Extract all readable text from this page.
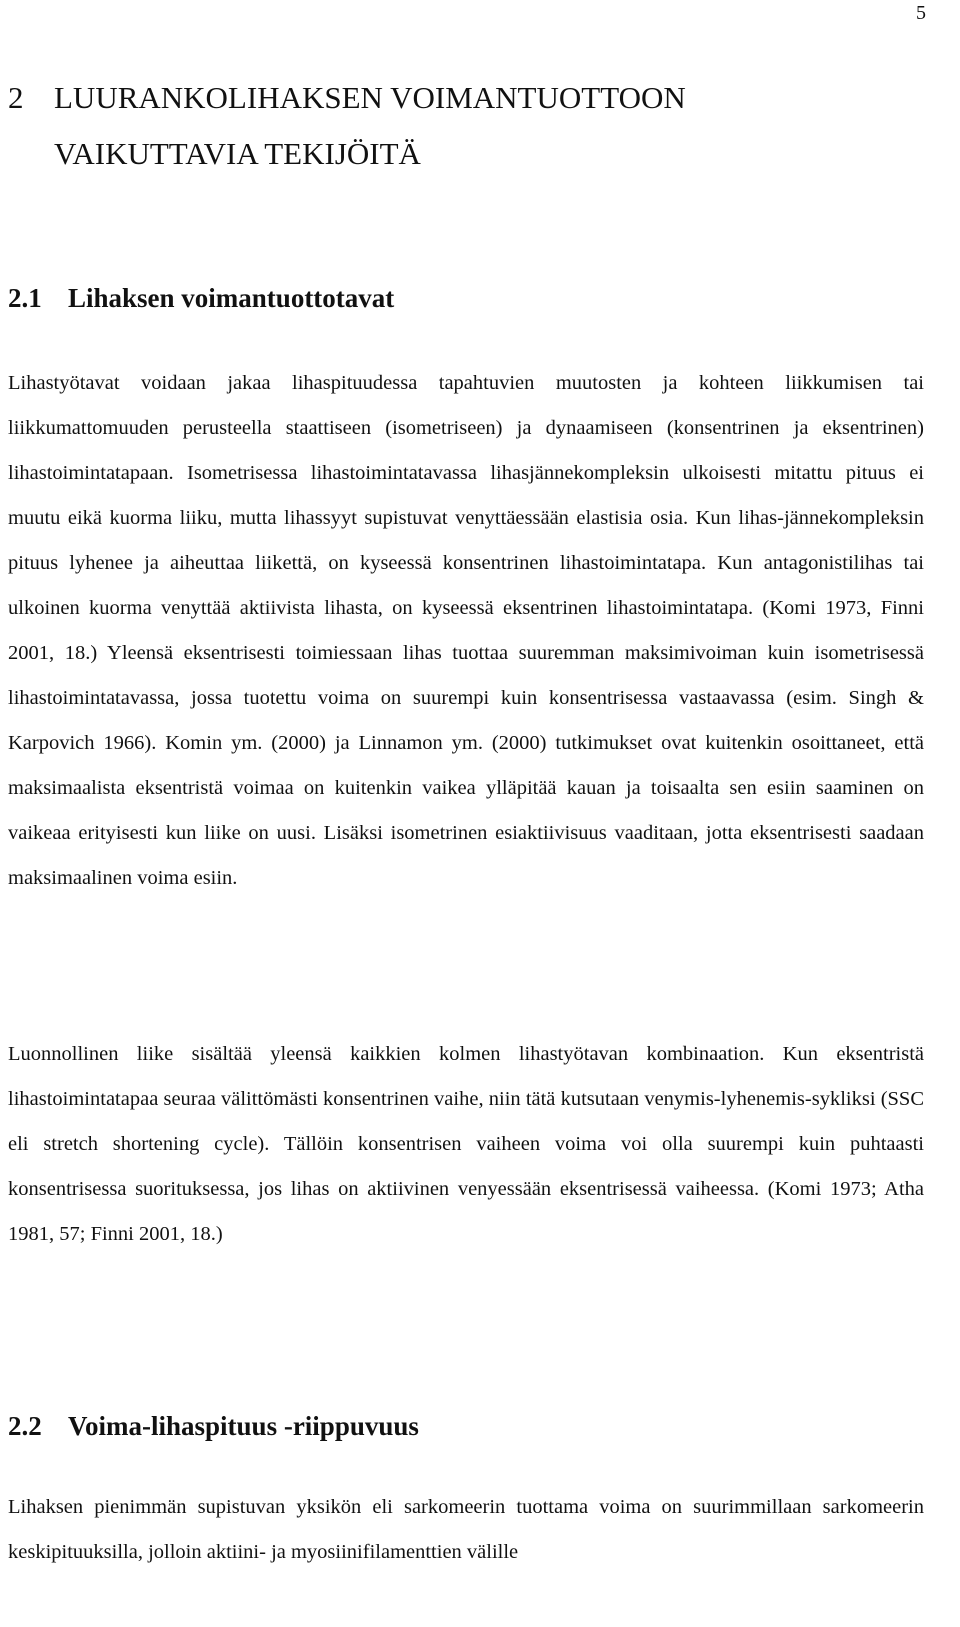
5
2 LUURANKOLIHAKSEN VOIMANTUOTTOON VAIKUTTAVIA TEKIJÖITÄ
2.1 Lihaksen voimantuottotavat

Lihastyötavat voidaan jakaa lihaspituudessa tapahtuvien muutosten ja kohteen liikkumisen tai liikkumattomuuden perusteella staattiseen (isometriseen) ja dynaamiseen (konsentrinen ja eksentrinen) lihastoimintatapaan. Isometrisessa lihastoimintatavassa lihasjännekompleksin ulkoisesti mitattu pituus ei muutu eikä kuorma liiku, mutta lihassyyt supistuvat venyttäessään elastisia osia. Kun lihas-jännekompleksin pituus lyhenee ja aiheuttaa liikettä, on kyseessä konsentrinen lihastoimintatapa. Kun antagonistilihas tai ulkoinen kuorma venyttää aktiivista lihasta, on kyseessä eksentrinen lihastoimintatapa. (Komi 1973, Finni 2001, 18.) Yleensä eksentrisesti toimiessaan lihas tuottaa suuremman maksimivoiman kuin isometrisessä lihastoimintatavassa, jossa tuotettu voima on suurempi kuin konsentrisessa vastaavassa (esim. Singh & Karpovich 1966). Komin ym. (2000) ja Linnamon ym. (2000) tutkimukset ovat kuitenkin osoittaneet, että maksimaalista eksentristä voimaa on kuitenkin vaikea ylläpitää kauan ja toisaalta sen esiin saaminen on vaikeaa erityisesti kun liike on uusi. Lisäksi isometrinen esiaktiivisuus vaaditaan, jotta eksentrisesti saadaan maksimaalinen voima esiin.

Luonnollinen liike sisältää yleensä kaikkien kolmen lihastyötavan kombinaation. Kun eksentristä lihastoimintatapaa seuraa välittömästi konsentrinen vaihe, niin tätä kutsutaan venymis-lyhenemis-sykliksi (SSC eli stretch shortening cycle). Tällöin konsentrisen vaiheen voima voi olla suurempi kuin puhtaasti konsentrisessa suorituksessa, jos lihas on aktiivinen venyessään eksentrisessä vaiheessa. (Komi 1973; Atha 1981, 57; Finni 2001, 18.)

2.2 Voima-lihaspituus -riippuvuus

Lihaksen pienimmän supistuvan yksikön eli sarkomeerin tuottama voima on suurimmillaan sarkomeerin keskipituuksilla, jolloin aktiini- ja myosiinifilamenttien välille
